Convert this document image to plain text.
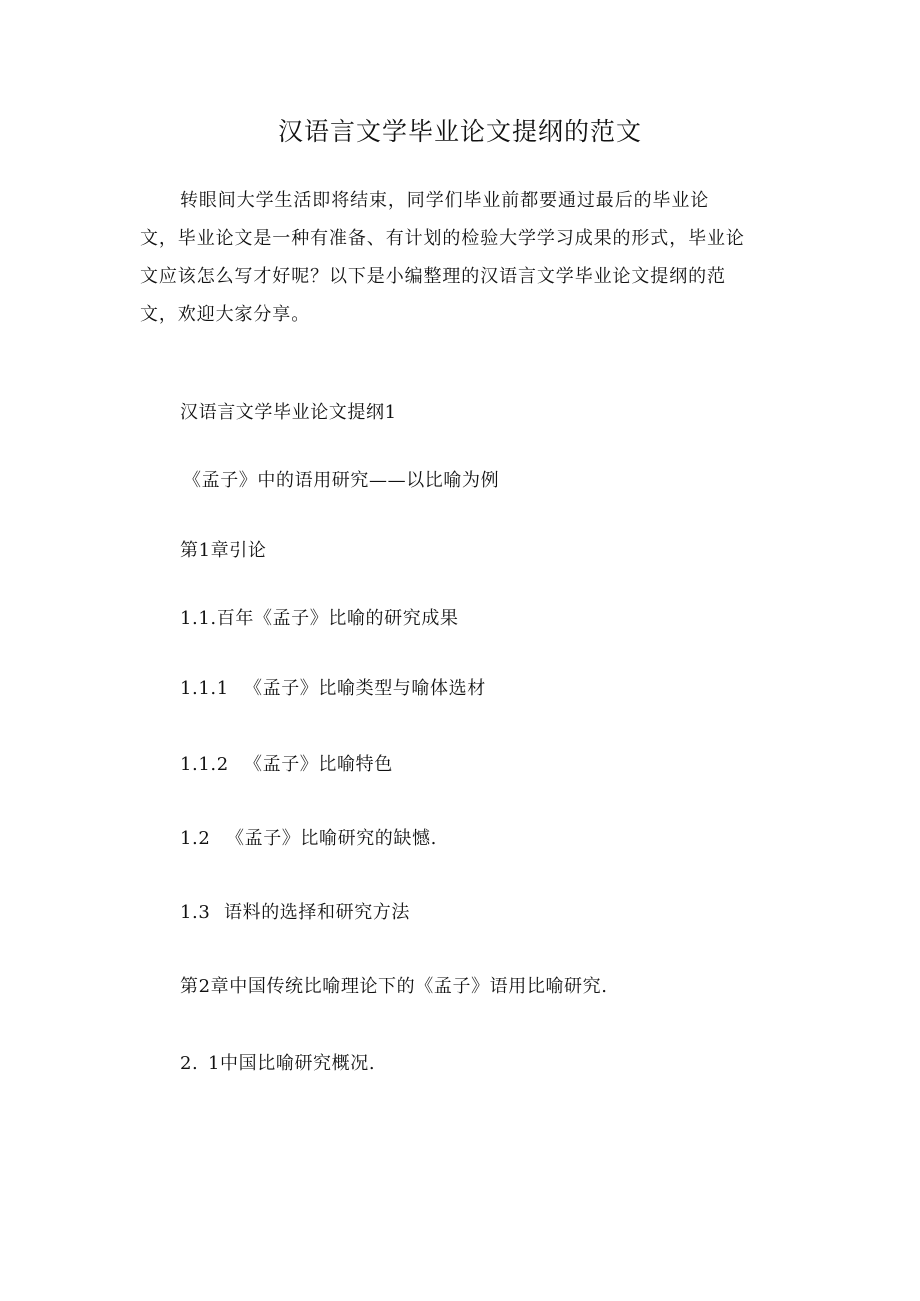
汉语言文学毕业论文提纲的范文

转眼间大学生活即将结束，同学们毕业前都要通过最后的毕业论
文，毕业论文是一种有准备、有计划的检验大学学习成果的形式，毕业论
文应该怎么写才好呢？以下是小编整理的汉语言文学毕业论文提纲的范
文，欢迎大家分享。

汉语言文学毕业论文提纲1

《孟子》中的语用研究——以比喻为例

第1章引论

1.1.百年《孟子》比喻的研究成果

1.1.1 《孟子》比喻类型与喻体选材

1.1.2 《孟子》比喻特色

1.2 《孟子》比喻研究的缺憾.

1.3 语料的选择和研究方法

第2章中国传统比喻理论下的《孟子》语用比喻研究.

2. 1中国比喻研究概况.
